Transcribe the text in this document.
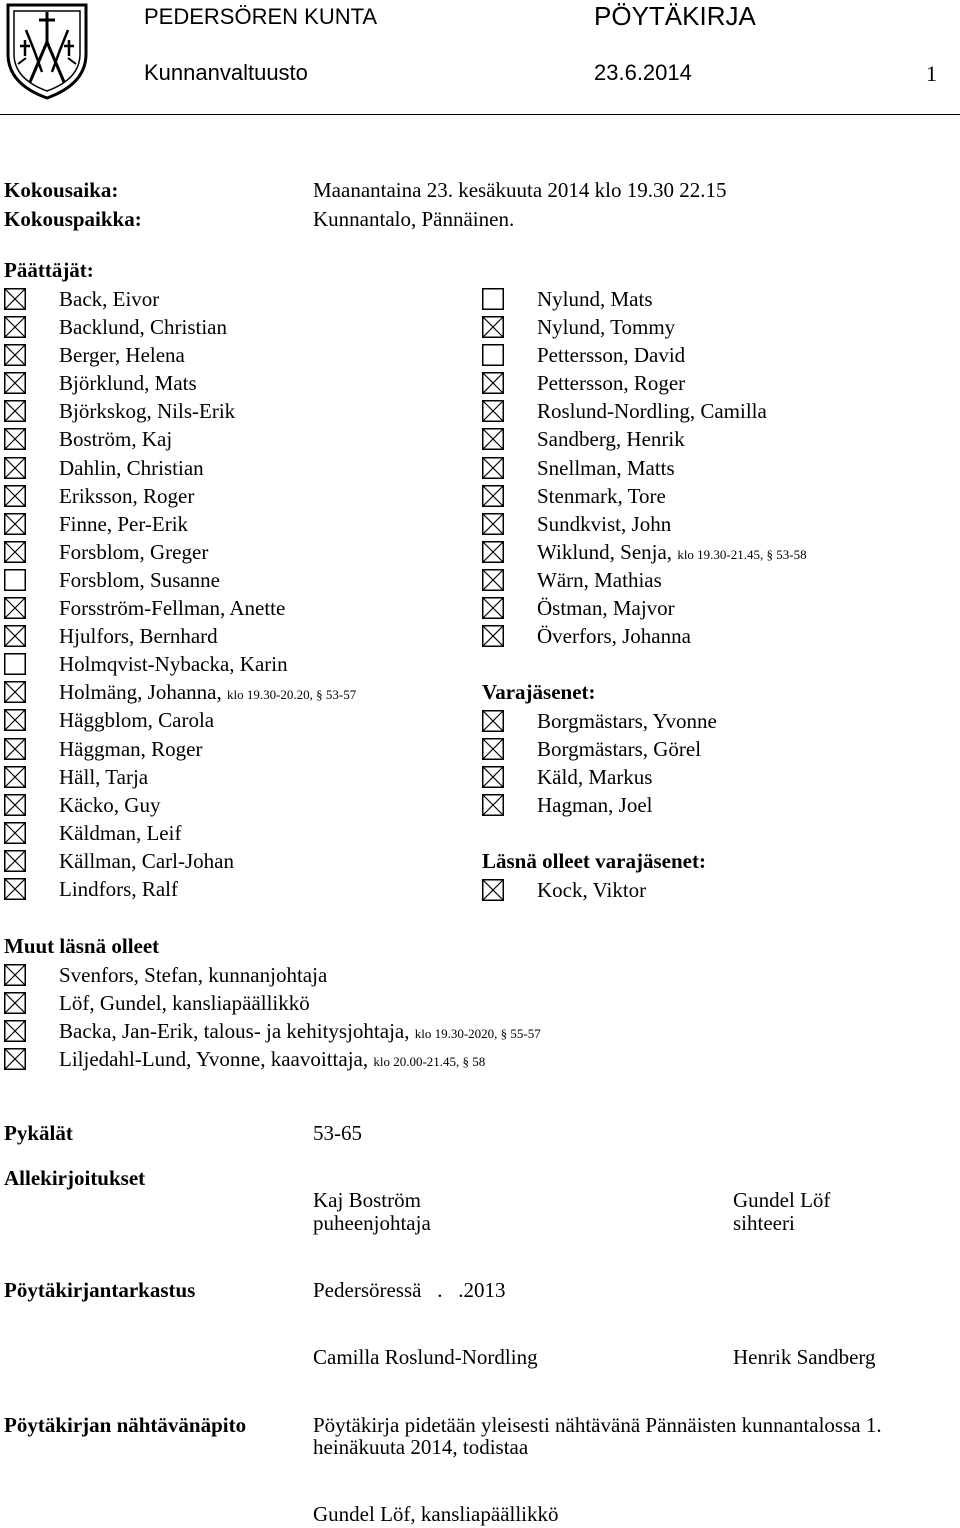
PEDERSÖREN KUNTA	PÖYTÄKIRJA
Kunnanvaltuusto	23.6.2014	1
Kokousaika:	Maanantaina 23. kesäkuuta 2014 klo 19.30 22.15
Kokouspaikka:	Kunnantalo, Pännäinen.
Päättäjät:
Back, Eivor
Backlund, Christian
Berger, Helena
Björklund, Mats
Björkskog, Nils-Erik
Boström, Kaj
Dahlin, Christian
Eriksson, Roger
Finne, Per-Erik
Forsblom, Greger
Forsblom, Susanne
Forsström-Fellman, Anette
Hjulfors, Bernhard
Holmqvist-Nybacka, Karin
Holmäng, Johanna, klo 19.30-20.20, § 53-57
Häggblom, Carola
Häggman, Roger
Häll, Tarja
Käcko, Guy
Käldman, Leif
Källman, Carl-Johan
Lindfors, Ralf
Nylund, Mats
Nylund, Tommy
Pettersson, David
Pettersson, Roger
Roslund-Nordling, Camilla
Sandberg, Henrik
Snellman, Matts
Stenmark, Tore
Sundkvist, John
Wiklund, Senja, klo 19.30-21.45, § 53-58
Wärn, Mathias
Östman, Majvor
Överfors, Johanna
Varajäsenet:
Borgmästars, Yvonne
Borgmästars, Görel
Käld, Markus
Hagman, Joel
Läsnä olleet varajäsenet:
Kock, Viktor
Muut läsnä olleet
Svenfors, Stefan, kunnanjohtaja
Löf, Gundel, kansliapäällikkö
Backa, Jan-Erik, talous- ja kehitysjohtaja, klo 19.30-2020, § 55-57
Liljedahl-Lund, Yvonne, kaavoittaja, klo 20.00-21.45, § 58
Pykälät	53-65
Allekirjoitukset
Kaj Boström
puheenjohtaja
Gundel Löf
sihteeri
Pöytäkirjantarkastus	Pedersöressä   .   .2013
Camilla Roslund-Nordling	Henrik Sandberg
Pöytäkirjan nähtävänäpito	Pöytäkirja pidetään yleisesti nähtävänä Pännäisten kunnantalossa 1.
heinäkuuta 2014, todistaa
Gundel Löf, kansliapäällikkö
